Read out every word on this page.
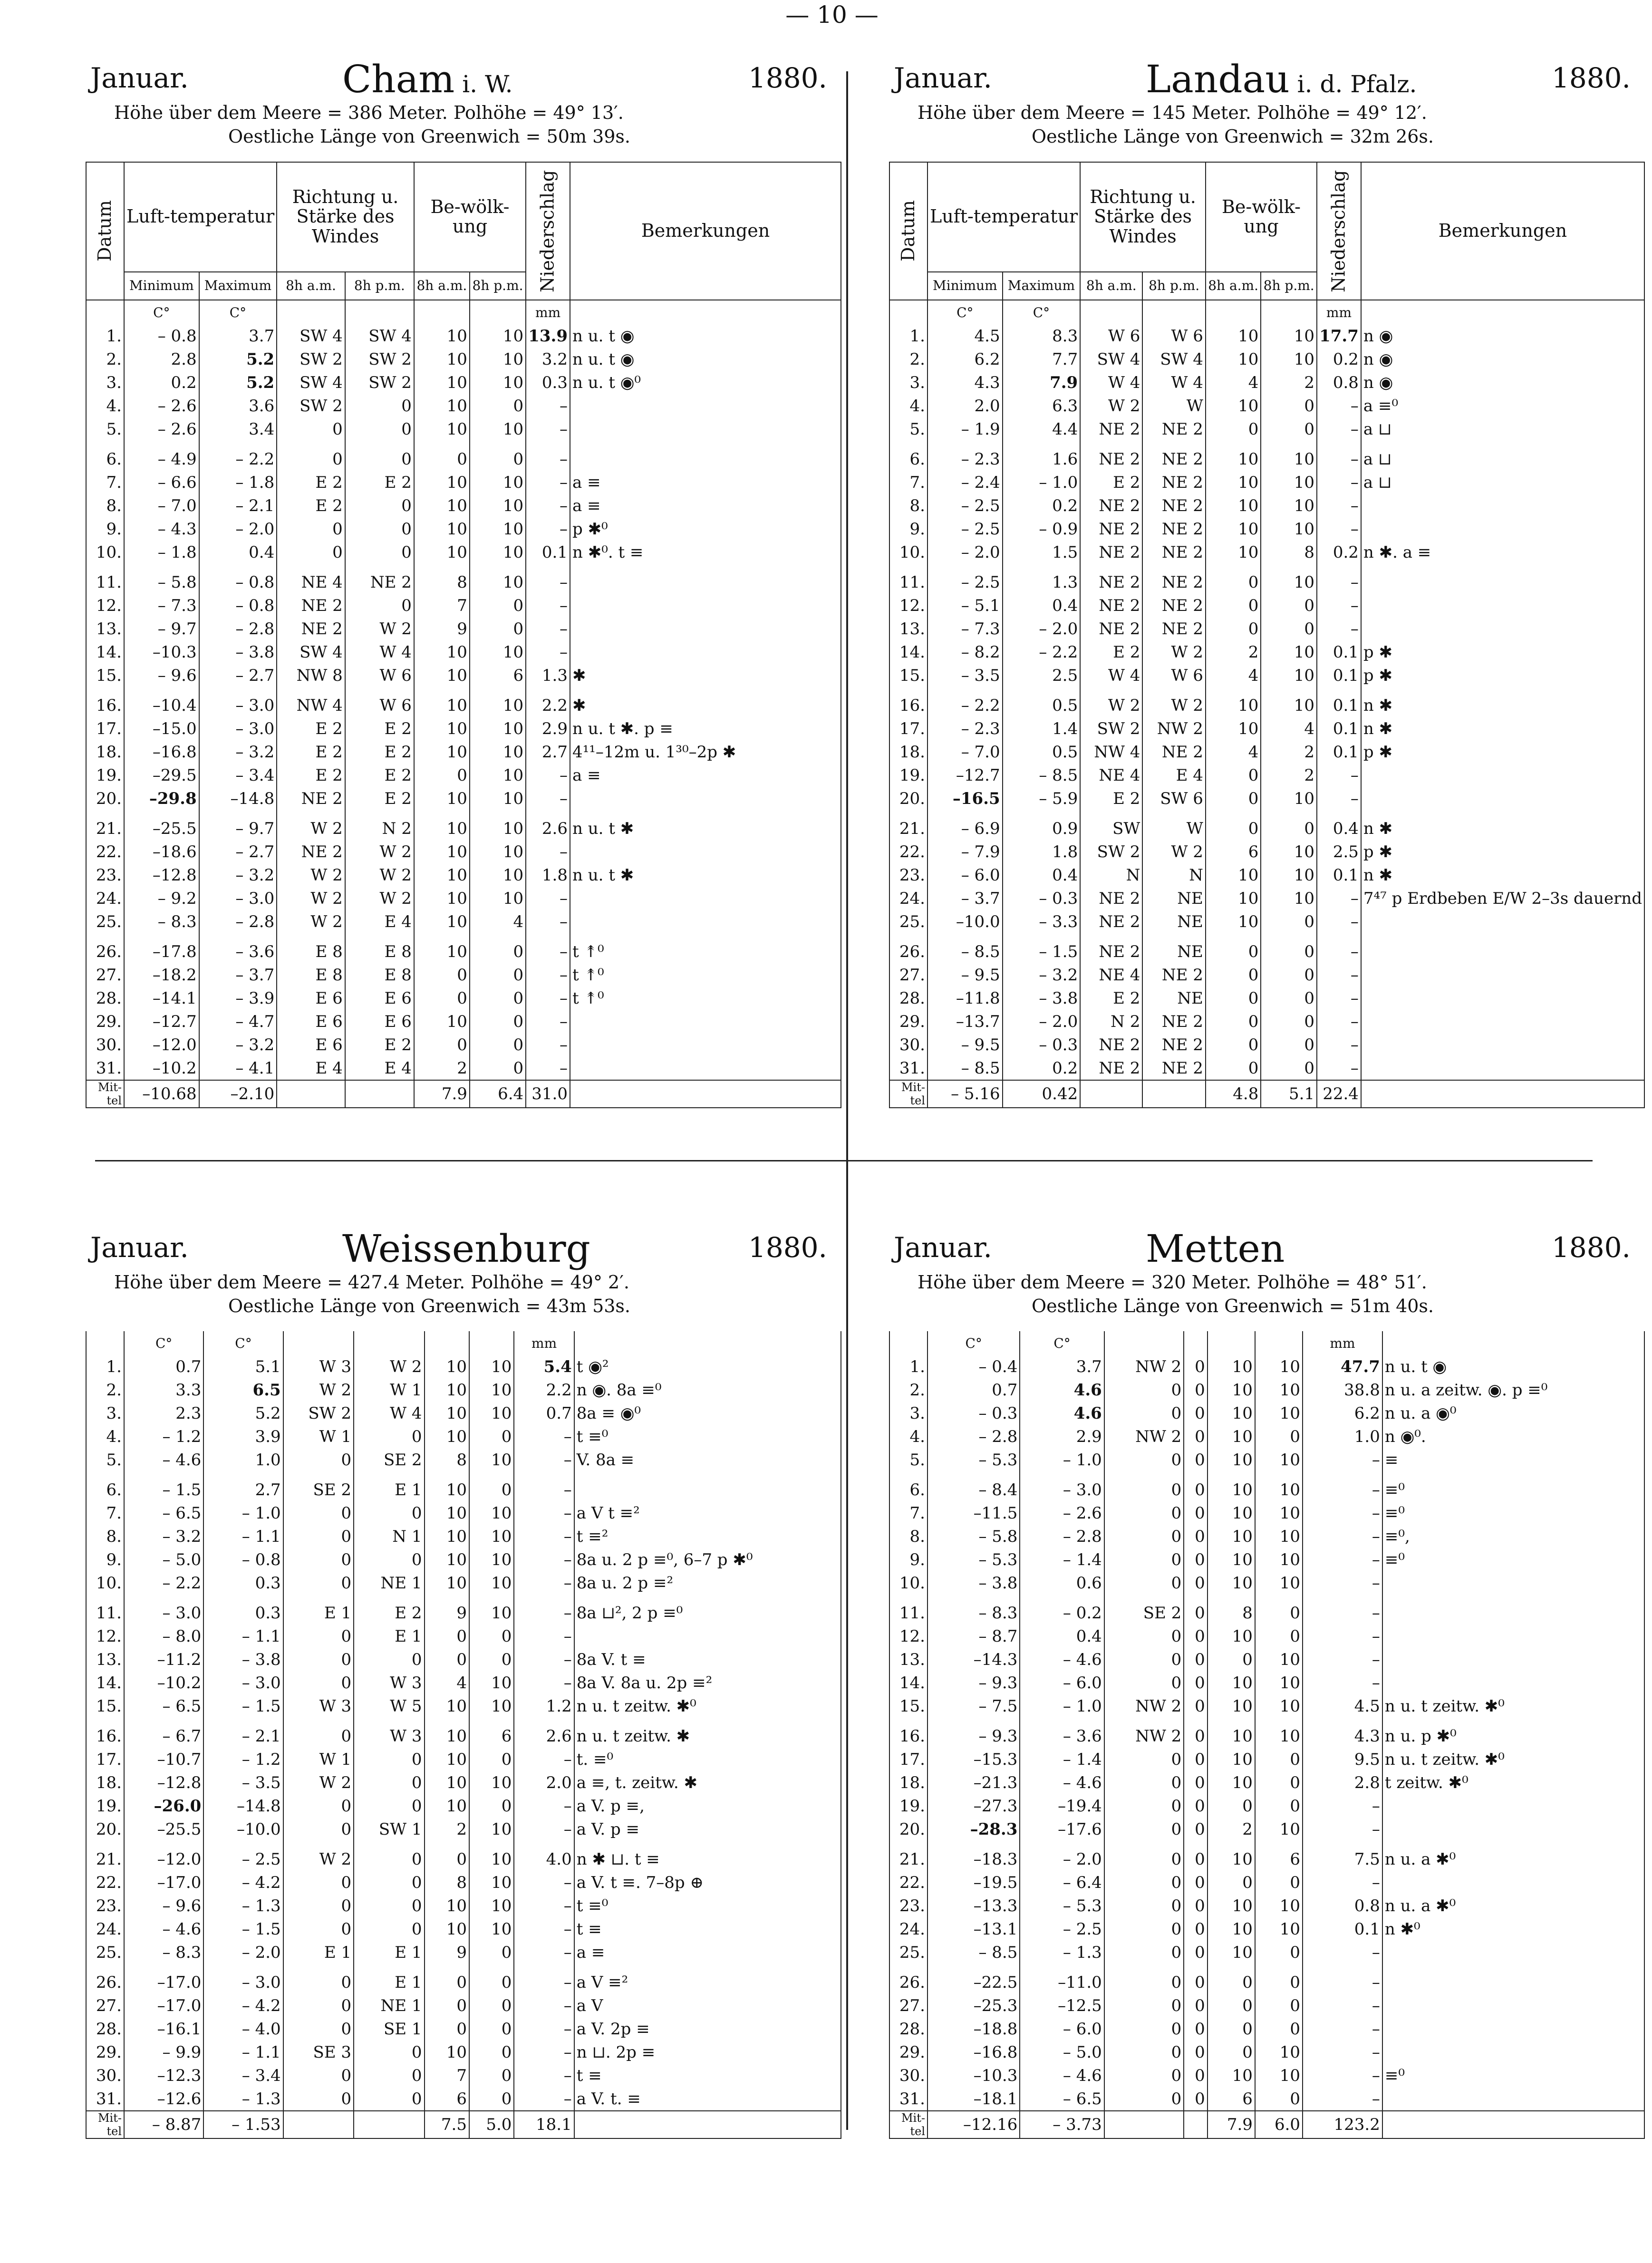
— 10 —
Januar.	Cham i. W.	1880.
Höhe über dem Meere = 386 Meter. Polhöhe = 49° 13′.
Oestliche Länge von Greenwich = 50m 39s.
Datum	Luft-temperatur		Richtung u. Stärke des Windes		Be-wölk-ung		Niederschlag	Bemerkungen
	Minimum	Maximum	8h a.m.	8h p.m.	8h a.m.	8h p.m.		
	C°	C°					mm	
1.	– 0.8	3.7	SW 4	SW 4	10	10	13.9	n u. t ◉
2.	2.8	5.2	SW 2	SW 2	10	10	3.2	n u. t ◉
3.	0.2	5.2	SW 4	SW 2	10	10	0.3	n u. t ◉⁰
4.	– 2.6	3.6	SW 2	0	10	0	–	
5.	– 2.6	3.4	0	0	10	10	–	

6.	– 4.9	– 2.2	0	0	0	0	–	
7.	– 6.6	– 1.8	E 2	E 2	10	10	–	a ≡
8.	– 7.0	– 2.1	E 2	0	10	10	–	a ≡
9.	– 4.3	– 2.0	0	0	10	10	–	p ✱⁰
10.	– 1.8	0.4	0	0	10	10	0.1	n ✱⁰. t ≡

11.	– 5.8	– 0.8	NE 4	NE 2	8	10	–	
12.	– 7.3	– 0.8	NE 2	0	7	0	–	
13.	– 9.7	– 2.8	NE 2	W 2	9	0	–	
14.	–10.3	– 3.8	SW 4	W 4	10	10	–	
15.	– 9.6	– 2.7	NW 8	W 6	10	6	1.3	✱

16.	–10.4	– 3.0	NW 4	W 6	10	10	2.2	✱
17.	–15.0	– 3.0	E 2	E 2	10	10	2.9	n u. t ✱. p ≡
18.	–16.8	– 3.2	E 2	E 2	10	10	2.7	4¹¹–12m u. 1³⁰–2p ✱
19.	–29.5	– 3.4	E 2	E 2	0	10	–	a ≡
20.	–29.8	–14.8	NE 2	E 2	10	10	–	

21.	–25.5	– 9.7	W 2	N 2	10	10	2.6	n u. t ✱
22.	–18.6	– 2.7	NE 2	W 2	10	10	–	
23.	–12.8	– 3.2	W 2	W 2	10	10	1.8	n u. t ✱
24.	– 9.2	– 3.0	W 2	W 2	10	10	–	
25.	– 8.3	– 2.8	W 2	E 4	10	4	–	

26.	–17.8	– 3.6	E 8	E 8	10	0	–	t ↟⁰
27.	–18.2	– 3.7	E 8	E 8	0	0	–	t ↟⁰
28.	–14.1	– 3.9	E 6	E 6	0	0	–	t ↟⁰
29.	–12.7	– 4.7	E 6	E 6	10	0	–	
30.	–12.0	– 3.2	E 6	E 2	0	0	–	
31.	–10.2	– 4.1	E 4	E 4	2	0	–	
Mit-tel	–10.68	–2.10			7.9	6.4	31.0	
Januar.	Landau i. d. Pfalz.	1880.
Höhe über dem Meere = 145 Meter. Polhöhe = 49° 12′.
Oestliche Länge von Greenwich = 32m 26s.
Datum	Luft-temperatur		Richtung u. Stärke des Windes		Be-wölk-ung		Niederschlag	Bemerkungen
	Minimum	Maximum	8h a.m.	8h p.m.	8h a.m.	8h p.m.		
	C°	C°					mm	
1.	4.5	8.3	W 6	W 6	10	10	17.7	n ◉
2.	6.2	7.7	SW 4	SW 4	10	10	0.2	n ◉
3.	4.3	7.9	W 4	W 4	4	2	0.8	n ◉
4.	2.0	6.3	W 2	W	10	0	–	a ≡⁰
5.	– 1.9	4.4	NE 2	NE 2	0	0	–	a ⊔

6.	– 2.3	1.6	NE 2	NE 2	10	10	–	a ⊔
7.	– 2.4	– 1.0	E 2	NE 2	10	10	–	a ⊔
8.	– 2.5	0.2	NE 2	NE 2	10	10	–	
9.	– 2.5	– 0.9	NE 2	NE 2	10	10	–	
10.	– 2.0	1.5	NE 2	NE 2	10	8	0.2	n ✱. a ≡

11.	– 2.5	1.3	NE 2	NE 2	0	10	–	
12.	– 5.1	0.4	NE 2	NE 2	0	0	–	
13.	– 7.3	– 2.0	NE 2	NE 2	0	0	–	
14.	– 8.2	– 2.2	E 2	W 2	2	10	0.1	p ✱
15.	– 3.5	2.5	W 4	W 6	4	10	0.1	p ✱

16.	– 2.2	0.5	W 2	W 2	10	10	0.1	n ✱
17.	– 2.3	1.4	SW 2	NW 2	10	4	0.1	n ✱
18.	– 7.0	0.5	NW 4	NE 2	4	2	0.1	p ✱
19.	–12.7	– 8.5	NE 4	E 4	0	2	–	
20.	–16.5	– 5.9	E 2	SW 6	0	10	–	

21.	– 6.9	0.9	SW	W	0	0	0.4	n ✱
22.	– 7.9	1.8	SW 2	W 2	6	10	2.5	p ✱
23.	– 6.0	0.4	N	N	10	10	0.1	n ✱
24.	– 3.7	– 0.3	NE 2	NE	10	10	–	7⁴⁷ p Erdbeben E/W 2–3s dauernd
25.	–10.0	– 3.3	NE 2	NE	10	0	–	

26.	– 8.5	– 1.5	NE 2	NE	0	0	–	
27.	– 9.5	– 3.2	NE 4	NE 2	0	0	–	
28.	–11.8	– 3.8	E 2	NE	0	0	–	
29.	–13.7	– 2.0	N 2	NE 2	0	0	–	
30.	– 9.5	– 0.3	NE 2	NE 2	0	0	–	
31.	– 8.5	0.2	NE 2	NE 2	0	0	–	
Mit-tel	– 5.16	0.42			4.8	5.1	22.4	
Januar.	Weissenburg	1880.
Höhe über dem Meere = 427.4 Meter. Polhöhe = 49° 2′.
Oestliche Länge von Greenwich = 43m 53s.
	C°	C°					mm	
1.	0.7	5.1	W 3	W 2	10	10	5.4	t ◉²
2.	3.3	6.5	W 2	W 1	10	10	2.2	n ◉. 8a ≡⁰
3.	2.3	5.2	SW 2	W 4	10	10	0.7	8a ≡ ◉⁰
4.	– 1.2	3.9	W 1	0	10	0	–	t ≡⁰
5.	– 4.6	1.0	0	SE 2	8	10	–	V. 8a ≡

6.	– 1.5	2.7	SE 2	E 1	10	0	–	
7.	– 6.5	– 1.0	0	0	10	10	–	a V t ≡²
8.	– 3.2	– 1.1	0	N 1	10	10	–	t ≡²
9.	– 5.0	– 0.8	0	0	10	10	–	8a u. 2 p ≡⁰, 6–7 p ✱⁰
10.	– 2.2	0.3	0	NE 1	10	10	–	8a u. 2 p ≡²

11.	– 3.0	0.3	E 1	E 2	9	10	–	8a ⊔², 2 p ≡⁰
12.	– 8.0	– 1.1	0	E 1	0	0	–	
13.	–11.2	– 3.8	0	0	0	0	–	8a V. t ≡
14.	–10.2	– 3.0	0	W 3	4	10	–	8a V. 8a u. 2p ≡²
15.	– 6.5	– 1.5	W 3	W 5	10	10	1.2	n u. t zeitw. ✱⁰

16.	– 6.7	– 2.1	0	W 3	10	6	2.6	n u. t zeitw. ✱
17.	–10.7	– 1.2	W 1	0	10	0	–	t. ≡⁰
18.	–12.8	– 3.5	W 2	0	10	10	2.0	a ≡, t. zeitw. ✱
19.	–26.0	–14.8	0	0	10	0	–	a V. p ≡,
20.	–25.5	–10.0	0	SW 1	2	10	–	a V. p ≡

21.	–12.0	– 2.5	W 2	0	0	10	4.0	n ✱ ⊔. t ≡
22.	–17.0	– 4.2	0	0	8	10	–	a V. t ≡. 7–8p ⊕
23.	– 9.6	– 1.3	0	0	10	10	–	t ≡⁰
24.	– 4.6	– 1.5	0	0	10	10	–	t ≡
25.	– 8.3	– 2.0	E 1	E 1	9	0	–	a ≡

26.	–17.0	– 3.0	0	E 1	0	0	–	a V ≡²
27.	–17.0	– 4.2	0	NE 1	0	0	–	a V
28.	–16.1	– 4.0	0	SE 1	0	0	–	a V. 2p ≡
29.	– 9.9	– 1.1	SE 3	0	10	0	–	n ⊔. 2p ≡
30.	–12.3	– 3.4	0	0	7	0	–	t ≡
31.	–12.6	– 1.3	0	0	6	0	–	a V. t. ≡
Mit-tel	– 8.87	– 1.53			7.5	5.0	18.1	
Januar.	Metten	1880.
Höhe über dem Meere = 320 Meter. Polhöhe = 48° 51′.
Oestliche Länge von Greenwich = 51m 40s.
	C°	C°					mm	
1.	– 0.4	3.7	NW 2	0	10	10	47.7	n u. t ◉
2.	0.7	4.6	0	0	10	10	38.8	n u. a zeitw. ◉. p ≡⁰
3.	– 0.3	4.6	0	0	10	10	6.2	n u. a ◉⁰
4.	– 2.8	2.9	NW 2	0	10	0	1.0	n ◉⁰.
5.	– 5.3	– 1.0	0	0	10	10	–	≡

6.	– 8.4	– 3.0	0	0	10	10	–	≡⁰
7.	–11.5	– 2.6	0	0	10	10	–	≡⁰
8.	– 5.8	– 2.8	0	0	10	10	–	≡⁰,
9.	– 5.3	– 1.4	0	0	10	10	–	≡⁰
10.	– 3.8	0.6	0	0	10	10	–	

11.	– 8.3	– 0.2	SE 2	0	8	0	–	
12.	– 8.7	0.4	0	0	10	0	–	
13.	–14.3	– 4.6	0	0	0	10	–	
14.	– 9.3	– 6.0	0	0	10	10	–	
15.	– 7.5	– 1.0	NW 2	0	10	10	4.5	n u. t zeitw. ✱⁰

16.	– 9.3	– 3.6	NW 2	0	10	10	4.3	n u. p ✱⁰
17.	–15.3	– 1.4	0	0	10	0	9.5	n u. t zeitw. ✱⁰
18.	–21.3	– 4.6	0	0	10	0	2.8	t zeitw. ✱⁰
19.	–27.3	–19.4	0	0	0	0	–	
20.	–28.3	–17.6	0	0	2	10	–	

21.	–18.3	– 2.0	0	0	10	6	7.5	n u. a ✱⁰
22.	–19.5	– 6.4	0	0	0	0	–	
23.	–13.3	– 5.3	0	0	10	10	0.8	n u. a ✱⁰
24.	–13.1	– 2.5	0	0	10	10	0.1	n ✱⁰
25.	– 8.5	– 1.3	0	0	10	0	–	

26.	–22.5	–11.0	0	0	0	0	–	
27.	–25.3	–12.5	0	0	0	0	–	
28.	–18.8	– 6.0	0	0	0	0	–	
29.	–16.8	– 5.0	0	0	0	10	–	
30.	–10.3	– 4.6	0	0	10	10	–	≡⁰
31.	–18.1	– 6.5	0	0	6	0	–	
Mit-tel	–12.16	– 3.73			7.9	6.0	123.2	
